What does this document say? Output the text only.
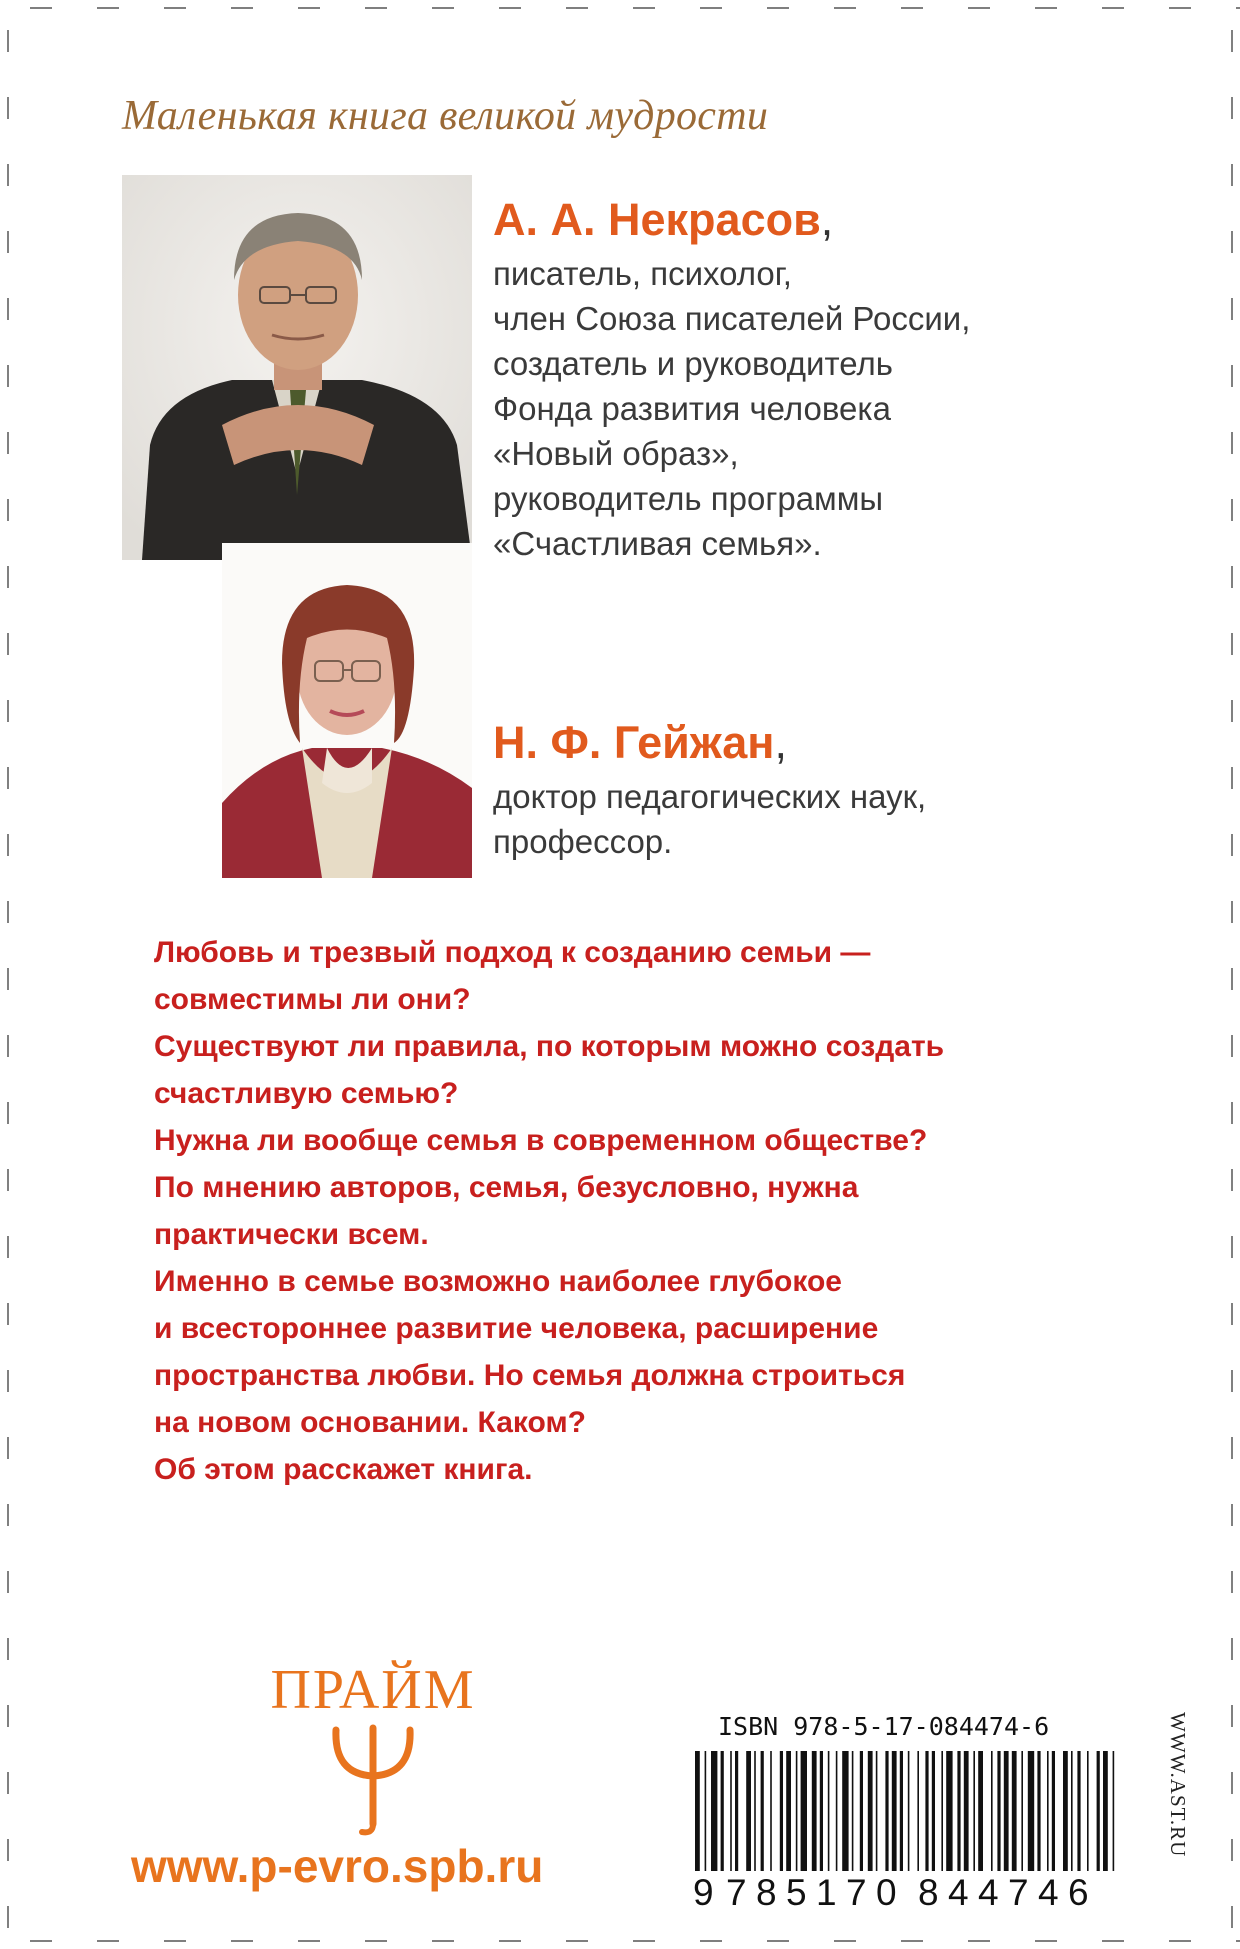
Маленькая книга великой мудрости
А. А. Некрасов,
писатель, психолог,
член Союза писателей России,
создатель и руководитель
Фонда развития человека
«Новый образ»,
руководитель программы
«Счастливая семья».
Н. Ф. Гейжан,
доктор педагогических наук,
профессор.
Любовь и трезвый подход к созданию семьи —
совместимы ли они?
Существуют ли правила, по которым можно создать
счастливую семью?
Нужна ли вообще семья в современном обществе?
По мнению авторов, семья, безусловно, нужна
практически всем.
Именно в семье возможно наиболее глубокое
и всестороннее развитие человека, расширение
пространства любви. Но семья должна строиться
на новом основании. Каком?
Об этом расскажет книга.
ПРАЙМ
www.p-evro.spb.ru
ISBN 978-5-17-084474-6
9 7 8 5 1 7 0 8 4 4 7 4 6
WWW.AST.RU
